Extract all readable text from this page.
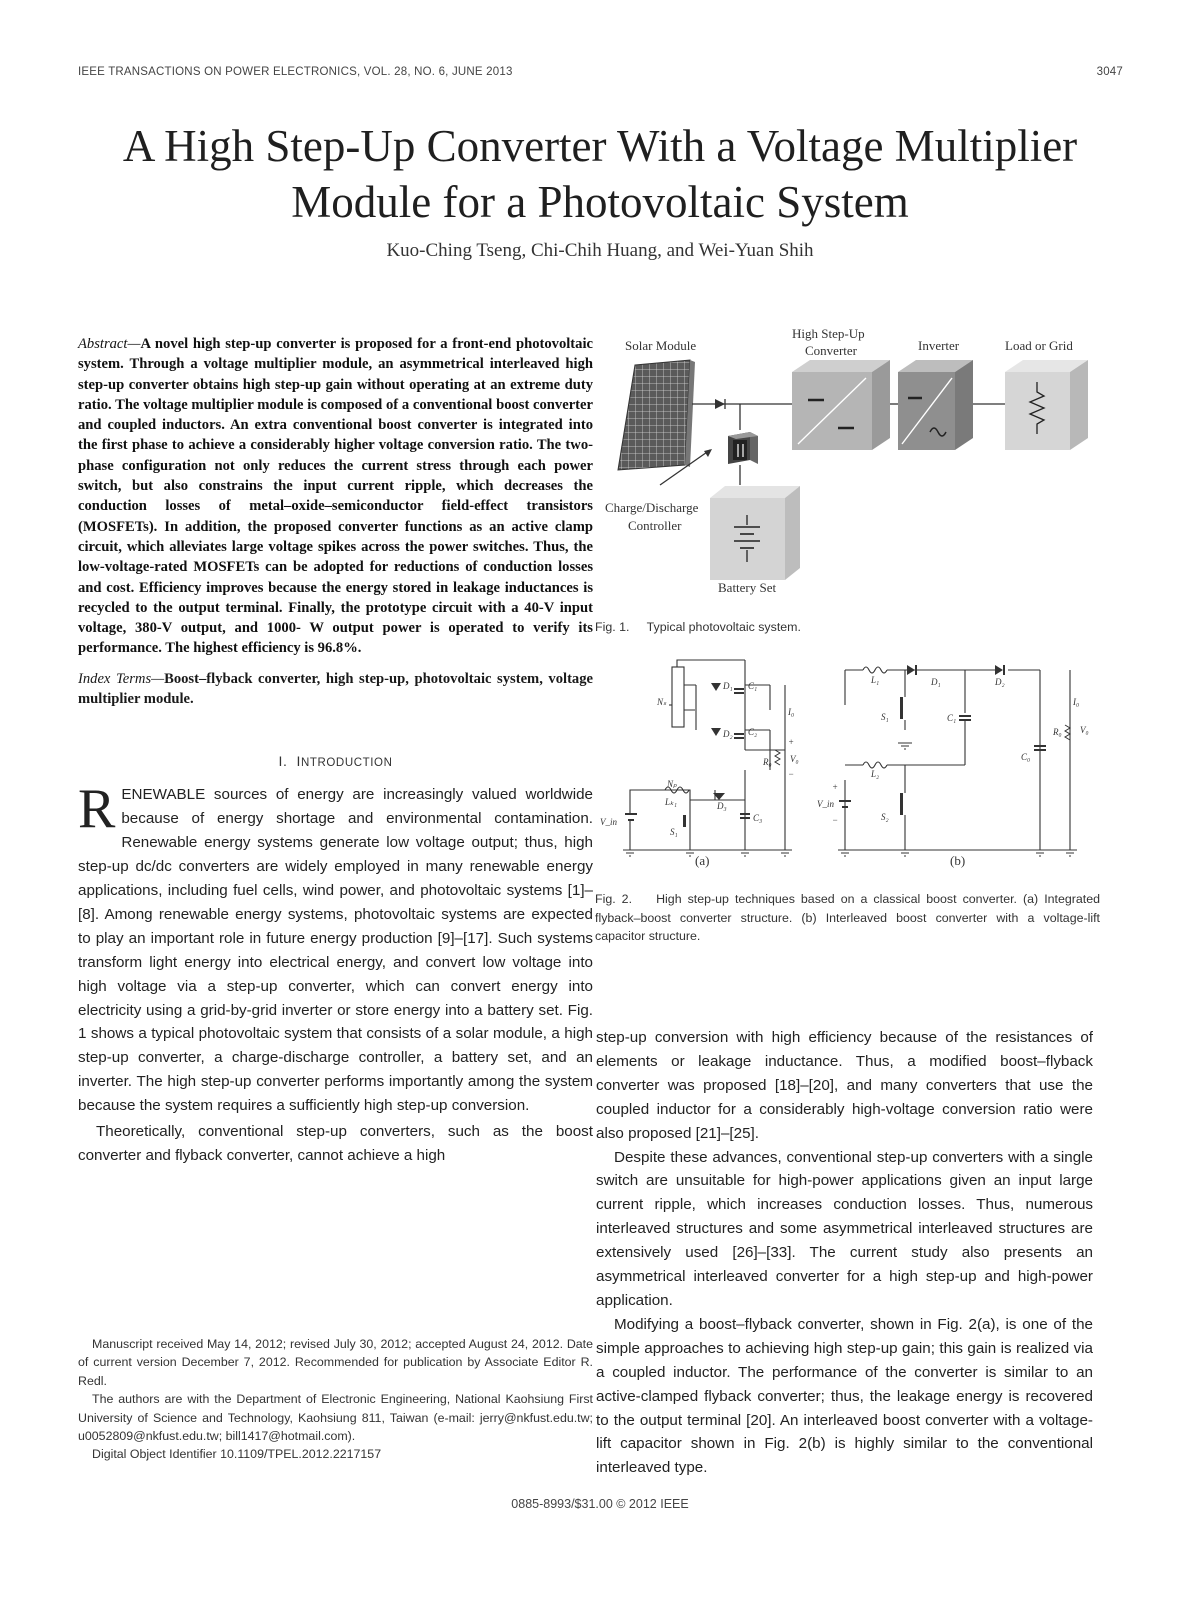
IEEE TRANSACTIONS ON POWER ELECTRONICS, VOL. 28, NO. 6, JUNE 2013	3047
A High Step-Up Converter With a Voltage Multiplier
Module for a Photovoltaic System
Kuo-Ching Tseng, Chi-Chih Huang, and Wei-Yuan Shih
Abstract—A novel high step-up converter is proposed for a front-end photovoltaic system. Through a voltage multiplier module, an asymmetrical interleaved high step-up converter obtains high step-up gain without operating at an extreme duty ratio. The voltage multiplier module is composed of a conventional boost converter and coupled inductors. An extra conventional boost converter is integrated into the first phase to achieve a considerably higher voltage conversion ratio. The two-phase configuration not only reduces the current stress through each power switch, but also constrains the input current ripple, which decreases the conduction losses of metal–oxide–semiconductor field-effect transistors (MOSFETs). In addition, the proposed converter functions as an active clamp circuit, which alleviates large voltage spikes across the power switches. Thus, the low-voltage-rated MOSFETs can be adopted for reductions of conduction losses and cost. Efficiency improves because the energy stored in leakage inductances is recycled to the output terminal. Finally, the prototype circuit with a 40-V input voltage, 380-V output, and 1000- W output power is operated to verify its performance. The highest efficiency is 96.8%.
Index Terms—Boost–flyback converter, high step-up, photovoltaic system, voltage multiplier module.
I. INTRODUCTION

RENEWABLE sources of energy are increasingly valued worldwide because of energy shortage and environmental contamination. Renewable energy systems generate low voltage output; thus, high step-up dc/dc converters are widely employed in many renewable energy applications, including fuel cells, wind power, and photovoltaic systems [1]–[8]. Among renewable energy systems, photovoltaic systems are expected to play an important role in future energy production [9]–[17]. Such systems transform light energy into electrical energy, and convert low voltage into high voltage via a step-up converter, which can convert energy into electricity using a grid-by-grid inverter or store energy into a battery set. Fig. 1 shows a typical photovoltaic system that consists of a solar module, a high step-up converter, a charge-discharge controller, a battery set, and an inverter. The high step-up converter performs importantly among the system because the system requires a sufficiently high step-up conversion.

Theoretically, conventional step-up converters, such as the boost converter and flyback converter, cannot achieve a high

Manuscript received May 14, 2012; revised July 30, 2012; accepted August 24, 2012. Date of current version December 7, 2012. Recommended for publication by Associate Editor R. Redl.

The authors are with the Department of Electronic Engineering, National Kaohsiung First University of Science and Technology, Kaohsiung 811, Taiwan (e-mail: jerry@nkfust.edu.tw; u0052809@nkfust.edu.tw; bill1417@hotmail.com).

Digital Object Identifier 10.1109/TPEL.2012.2217157

Solar Module
High Step-Up
Converter	Inverter	Load or Grid
Charge/Discharge
Controller
Battery Set
Fig. 1. Typical photovoltaic system.
D₁ C₁
D₂ C₂
Nₛ
I₀
+
R₀ V₀
−
Nₚ
Lₖ₁	D₃
C₃
V_in
S₁
(a)
L₁	D₁	D₂
S₁	C₁
I₀
R₀ V₀
C₀
L₂
+
V_in
−	S₂
(b)
Fig. 2. High step-up techniques based on a classical boost converter. (a) Integrated flyback–boost converter structure. (b) Interleaved boost converter with a voltage-lift capacitor structure.

step-up conversion with high efficiency because of the resistances of elements or leakage inductance. Thus, a modified boost–flyback converter was proposed [18]–[20], and many converters that use the coupled inductor for a considerably high-voltage conversion ratio were also proposed [21]–[25].

Despite these advances, conventional step-up converters with a single switch are unsuitable for high-power applications given an input large current ripple, which increases conduction losses. Thus, numerous interleaved structures and some asymmetrical interleaved structures are extensively used [26]–[33]. The current study also presents an asymmetrical interleaved converter for a high step-up and high-power application.

Modifying a boost–flyback converter, shown in Fig. 2(a), is one of the simple approaches to achieving high step-up gain; this gain is realized via a coupled inductor. The performance of the converter is similar to an active-clamped flyback converter; thus, the leakage energy is recovered to the output terminal [20]. An interleaved boost converter with a voltage-lift capacitor shown in Fig. 2(b) is highly similar to the conventional interleaved type.

0885-8993/$31.00 © 2012 IEEE
